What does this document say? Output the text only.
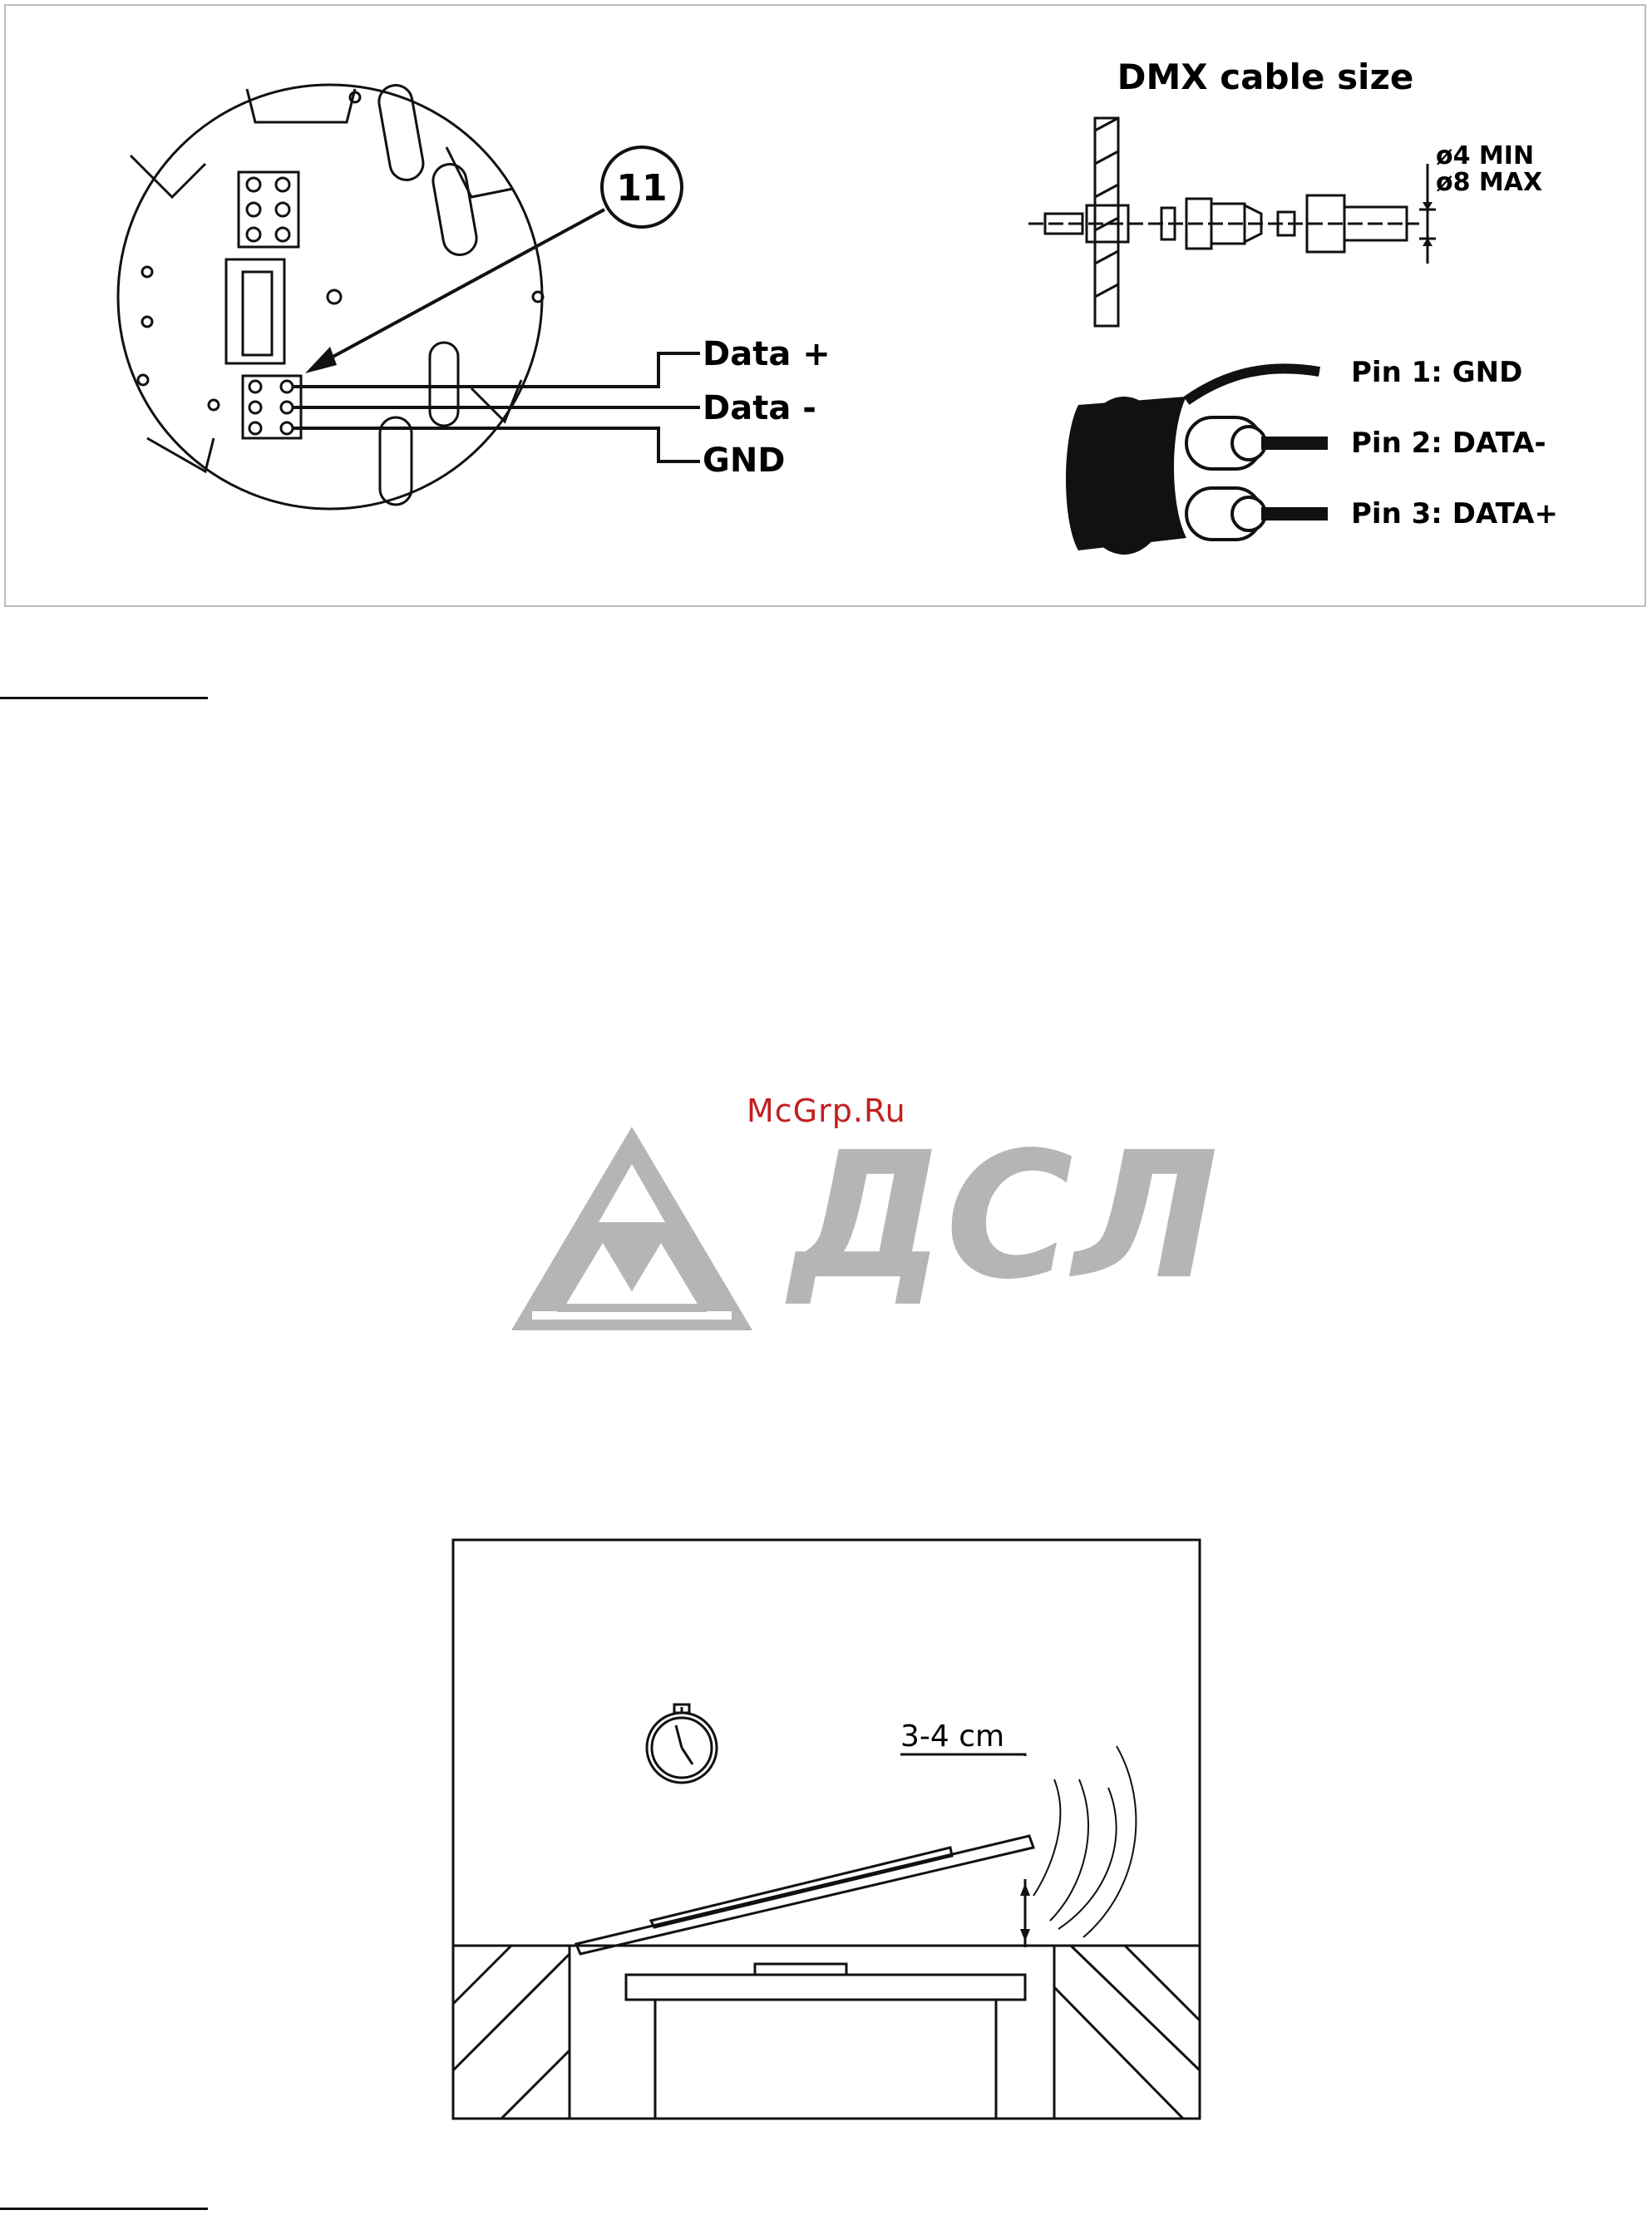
11
Data +
Data -
GND
DMX cable size
ø4 MIN
ø8 MAX
Pin 1: GND
Pin 2: DATA-
Pin 3: DATA+
McGrp.Ru
ДСЛ
3-4 cm
